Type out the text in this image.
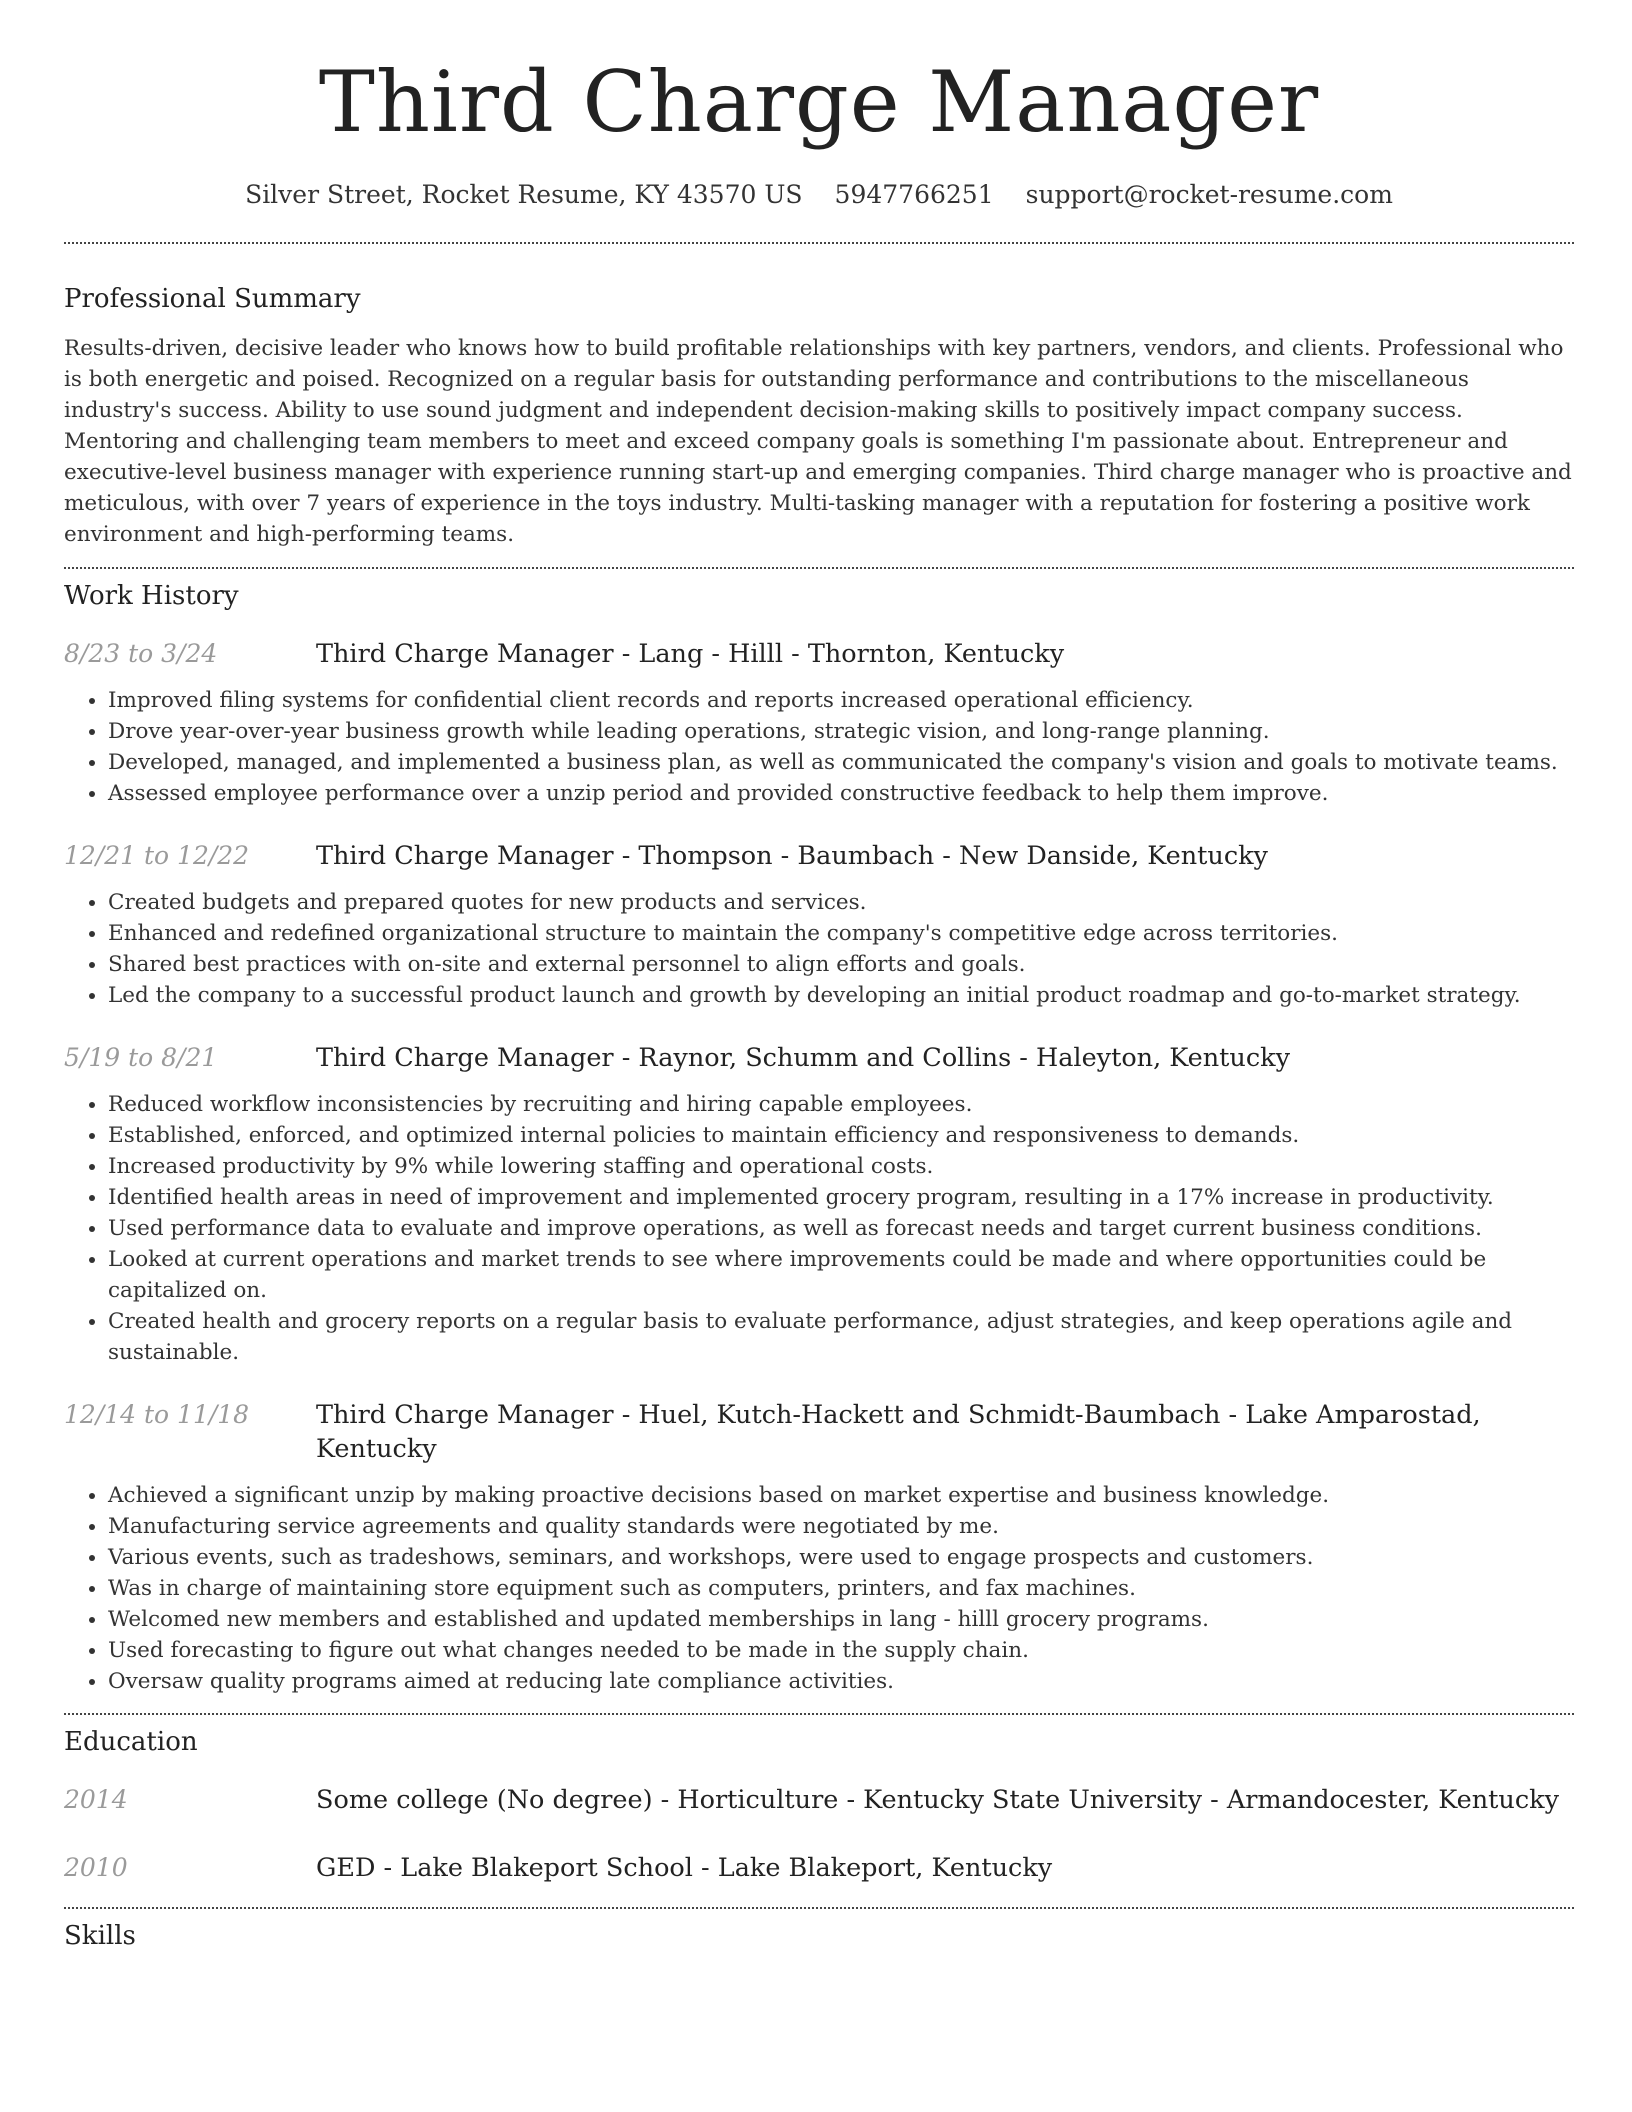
Third Charge Manager
Silver Street, Rocket Resume, KY 43570 US 5947766251 support@rocket-resume.com
Professional Summary

Results-driven, decisive leader who knows how to build profitable relationships with key partners, vendors, and clients. Professional who is both energetic and poised. Recognized on a regular basis for outstanding performance and contributions to the miscellaneous industry's success. Ability to use sound judgment and independent decision-making skills to positively impact company success. Mentoring and challenging team members to meet and exceed company goals is something I'm passionate about. Entrepreneur and executive-level business manager with experience running start-up and emerging companies. Third charge manager who is proactive and meticulous, with over 7 years of experience in the toys industry. Multi-tasking manager with a reputation for fostering a positive work environment and high-performing teams.

Work History
8/23 to 3/24	Third Charge Manager - Lang - Hilll - Thornton, Kentucky
• Improved filing systems for confidential client records and reports increased operational efficiency.
• Drove year-over-year business growth while leading operations, strategic vision, and long-range planning.
• Developed, managed, and implemented a business plan, as well as communicated the company's vision and goals to motivate teams.
• Assessed employee performance over a unzip period and provided constructive feedback to help them improve.
12/21 to 12/22	Third Charge Manager - Thompson - Baumbach - New Danside, Kentucky
• Created budgets and prepared quotes for new products and services.
• Enhanced and redefined organizational structure to maintain the company's competitive edge across territories.
• Shared best practices with on-site and external personnel to align efforts and goals.
• Led the company to a successful product launch and growth by developing an initial product roadmap and go-to-market strategy.
5/19 to 8/21	Third Charge Manager - Raynor, Schumm and Collins - Haleyton, Kentucky
• Reduced workflow inconsistencies by recruiting and hiring capable employees.
• Established, enforced, and optimized internal policies to maintain efficiency and responsiveness to demands.
• Increased productivity by 9% while lowering staffing and operational costs.
• Identified health areas in need of improvement and implemented grocery program, resulting in a 17% increase in productivity.
• Used performance data to evaluate and improve operations, as well as forecast needs and target current business conditions.
• Looked at current operations and market trends to see where improvements could be made and where opportunities could be capitalized on.
• Created health and grocery reports on a regular basis to evaluate performance, adjust strategies, and keep operations agile and sustainable.
12/14 to 11/18	Third Charge Manager - Huel, Kutch-Hackett and Schmidt-Baumbach - Lake Amparostad, Kentucky
• Achieved a significant unzip by making proactive decisions based on market expertise and business knowledge.
• Manufacturing service agreements and quality standards were negotiated by me.
• Various events, such as tradeshows, seminars, and workshops, were used to engage prospects and customers.
• Was in charge of maintaining store equipment such as computers, printers, and fax machines.
• Welcomed new members and established and updated memberships in lang - hilll grocery programs.
• Used forecasting to figure out what changes needed to be made in the supply chain.
• Oversaw quality programs aimed at reducing late compliance activities.
Education
2014	Some college (No degree) - Horticulture - Kentucky State University - Armandocester, Kentucky
2010	GED - Lake Blakeport School - Lake Blakeport, Kentucky
Skills
